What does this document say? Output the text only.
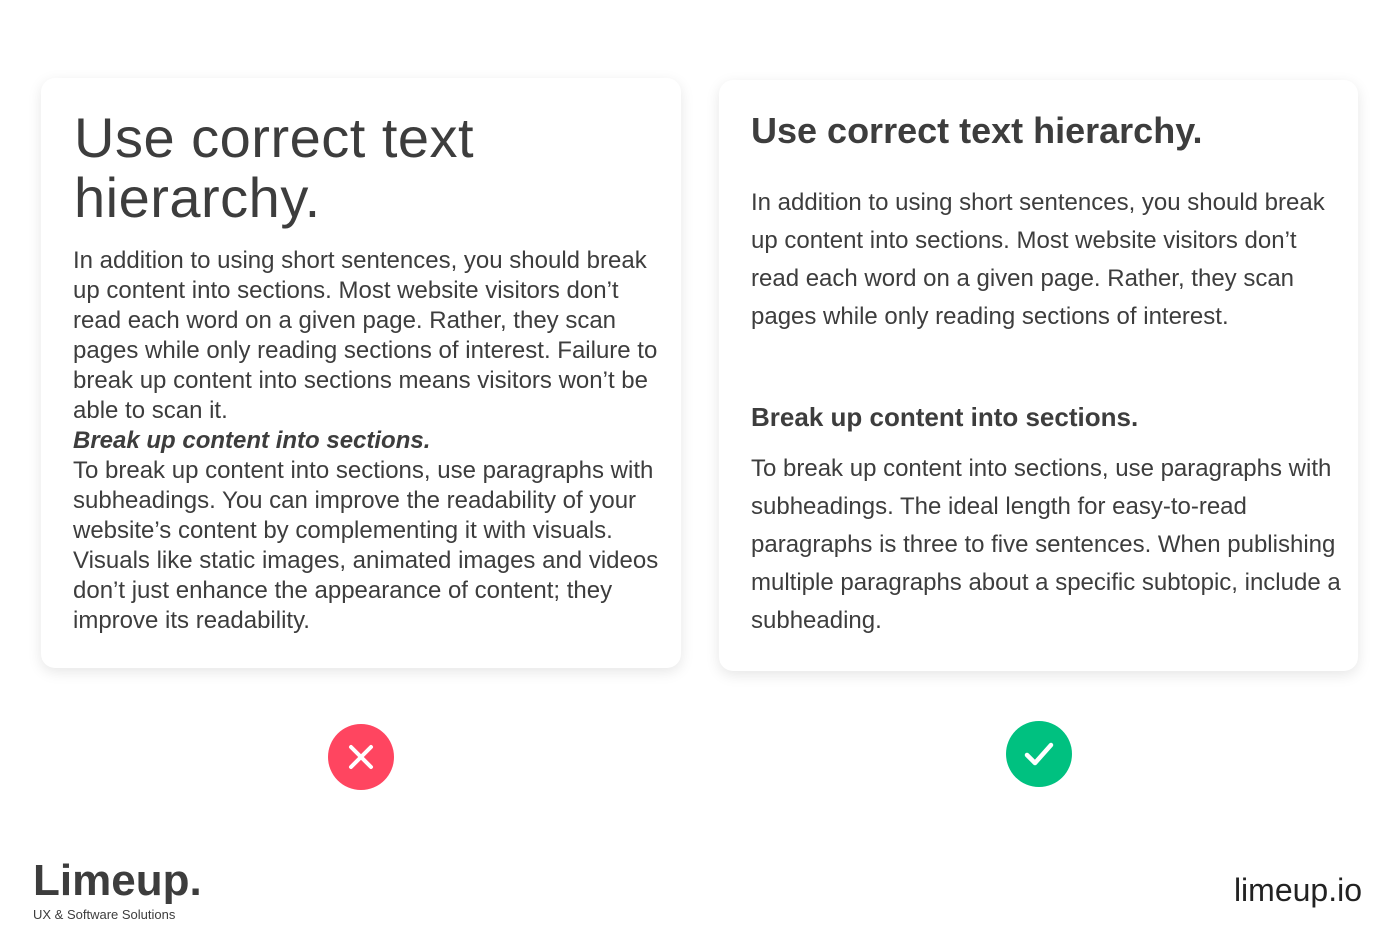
Use correct text hierarchy.

In addition to using short sentences, you should break up content into sections. Most website visitors don’t read each word on a given page. Rather, they scan pages while only reading sections of interest. Failure to break up content into sections means visitors won’t be able to scan it.
Break up content into sections.
To break up content into sections, use paragraphs with subheadings. You can improve the readability of your website’s content by complementing it with visuals. Visuals like static images, animated images and videos don’t just enhance the appearance of content; they improve its readability.

Use correct text hierarchy.

In addition to using short sentences, you should break up content into sections. Most website visitors don’t read each word on a given page. Rather, they scan pages while only reading sections of interest.

Break up content into sections.

To break up content into sections, use paragraphs with subheadings. The ideal length for easy-to-read paragraphs is three to five sentences. When publishing multiple paragraphs about a specific subtopic, include a subheading.

Limeup.
UX & Software Solutions
limeup.io
